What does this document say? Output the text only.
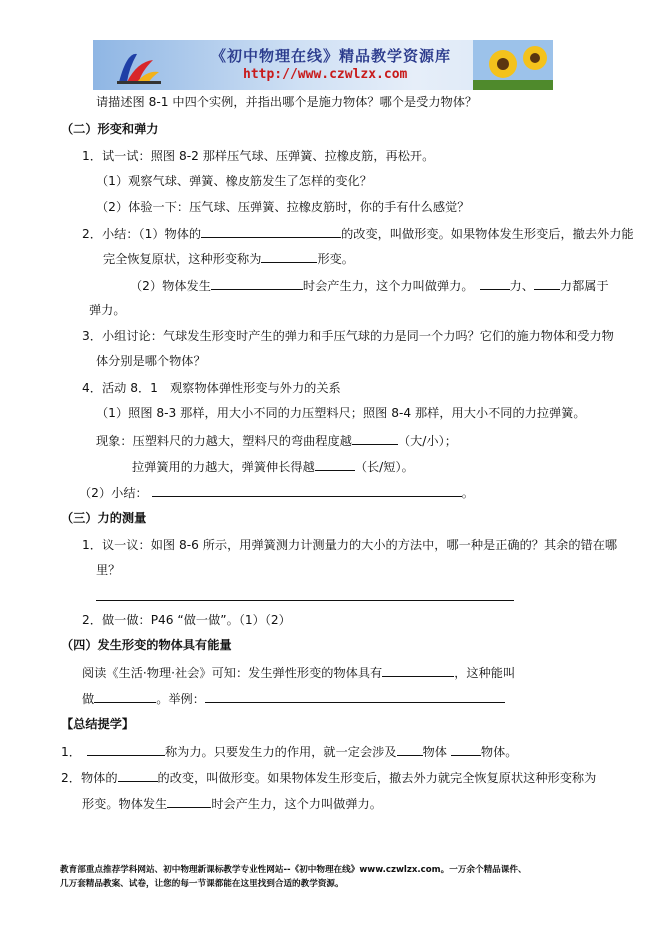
《初中物理在线》精品教学资源库
http://www.czwlzx.com
请描述图 8-1 中四个实例，并指出哪个是施力物体？哪个是受力物体？
（二）形变和弹力
1．试一试：照图 8-2 那样压气球、压弹簧、拉橡皮筋，再松开。
（1）观察气球、弹簧、橡皮筋发生了怎样的变化？
（2）体验一下：压气球、压弹簧、拉橡皮筋时，你的手有什么感觉？
2．小结：（1）物体的	的改变，叫做形变。如果物体发生形变后，撤去外力能
完全恢复原状，这种形变称为	形变。
（2）物体发生	时会产生力，这个力叫做弹力。	力、 力都属于
弹力。
3．小组讨论：气球发生形变时产生的弹力和手压气球的力是同一个力吗？它们的施力物体和受力物
体分别是哪个物体？
4．活动 8．1　观察物体弹性形变与外力的关系
（1）照图 8-3 那样，用大小不同的力压塑料尺；照图 8-4 那样，用大小不同的力拉弹簧。
现象：压塑料尺的力越大，塑料尺的弯曲程度越	（大/小）；
拉弹簧用的力越大，弹簧伸长得越	（长/短）。
（2）小结：	。
（三）力的测量
1．议一议：如图 8-6 所示，用弹簧测力计测量力的大小的方法中，哪一种是正确的？其余的错在哪
里？
2．做一做：P46 “做一做”。（1）（2）
（四）发生形变的物体具有能量
阅读《生活·物理·社会》可知：发生弹性形变的物体具有	，这种能叫
做	。举例：
【总结提学】
1．	称为力。只要发生力的作用，就一定会涉及 物体	物体。
2．物体的	的改变，叫做形变。如果物体发生形变后，撤去外力就完全恢复原状这种形变称为
形变。物体发生	时会产生力，这个力叫做弹力。
教育部重点推荐学科网站、初中物理新课标教学专业性网站--《初中物理在线》www.czwlzx.com。一万余个精品课件、
几万套精品教案、试卷，让您的每一节课都能在这里找到合适的教学资源。
